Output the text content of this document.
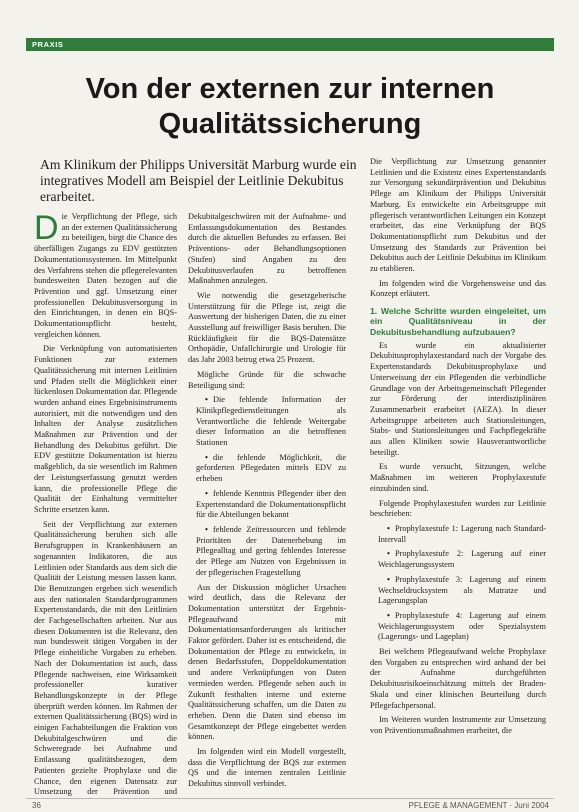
PRAXIS
Von der externen zur internen
Qualitätssicherung
Am Klinikum der Philipps Universität Marburg wurde ein integratives Modell am Beispiel der Leitlinie Dekubitus erarbeitet.

Die Verpflichtung der Pflege, sich an der externen Qualitätssicherung zu beteiligen, birgt die Chance des überfälligen Zugangs zu EDV gestützten Dokumentationssystemen. Im Mittelpunkt des Verfahrens stehen die pflegerelevanten bundesweiten Daten bezogen auf die Prävention und ggf. Umsetzung einer professionellen Dekubitusversorgung in den Einrichtungen, in denen ein BQS-Dokumentationspflicht besteht, vergleichen können.

Die Verknüpfung von automatisierten Funktionen zur externen Qualitätssicherung mit internen Leitlinien und Pfaden stellt die Möglichkeit einer lückenlosen Dokumentation dar. Pflegende wurden anhand eines Ergebnisinstruments autorisiert, mit die notwendigen und den Inhalten der Analyse zusätzlichen Maßnahmen zur Prävention und der Behandlung des Dekubitus geführt. Die EDV gestützte Dokumentation ist hierzu maßgeblich, da sie wesentlich im Rahmen der Leistungserfassung genutzt werden kann, die professionelle Pflege die Qualität der Einhaltung vermittelter Schritte ersetzen kann.

Seit der Verpflichtung zur externen Qualitätssicherung beruhen sich alle Berufsgruppen in Krankenhäusern an sogenannten Indikatoren, die aus Leitlinien oder Standards aus dem sich die Qualität der Leistung messen lassen kann. Die Benutzungen ergeben sich wesentlich aus den nationalen Standardprogrammen Expertenstandards, die mit den Leitlinien der Fachgesellschaften arbeiten. Nur aus diesen Dokumenten ist die Relevanz, den nun bundesweit tätigen Vorgaben in der Pflege einheitliche Vorgaben zu erheben. Nach der Dokumentation ist auch, dass Pflegende nachweisen, eine Wirksamkeit professioneller kurativer Behandlungskonzepte in der Pflege überprüft werden können. Im Rahmen der externen Qualitätssicherung (BQS) wird in einigen Fachabteilungen die Fraktion von Dekubitalgeschwüren und die Schweregrade bei Aufnahme und Entlassung qualitätsbezogen, dem Patienten gezielte Prophylaxe und die Chance, den eigenen Datensatz zur Umsetzung der Prävention und

Dekubitalgeschwüren mit der Aufnahme- und Entlassungsdokumentation des Bestandes durch die aktuellen Befundes zu erfassen. Bei Präventions- oder Behandlungsoptionen (Stufen) sind Angaben zu den Dekubitusverlaufen zu betroffenen Maßnahmen anzulegen.

Wie notwendig die gesetzgeberische Unterstützung für die Pflege ist, zeigt die Auswertung der bisherigen Daten, die zu einer Ausstellung auf freiwilliger Basis beruhen. Die Rückläufigkeit für die BQS-Datensätze Orthopädie, Unfallchirurgie und Urologie für das Jahr 2003 betrug etwa 25 Prozent.

Mögliche Gründe für die schwache Beteiligung sind:

• Die fehlende Information der Klinikpflegedienstleitungen als Verantwortliche die fehlende Weitergabe dieser Information an die betroffenen Stationen

• die fehlende Möglichkeit, die geforderten Pflegedaten mittels EDV zu erheben

• fehlende Kenntnis Pflegender über den Expertenstandard die Dokumentationspflicht für die Abteilungen bekannt

• fehlende Zeitressourcen und fehlende Prioritäten der Datenerhebung im Pflegealltag und gering fehlendes Interesse der Pflege am Nutzen von Ergebnissen in der pflegerischen Fragestellung

Aus der Diskussion möglicher Ursachen wird deutlich, dass die Relevanz der Dokumentation unterstützt der Ergebnis-Pflegeaufwand mit Dokumentationsanforderungen als kritischer Faktor gefördert. Daher ist es entscheidend, die Dokumentation der Pflege zu entwickeln, in denen Bedarfsstufen, Doppeldokumentation und andere Verknüpfungen von Daten vermieden werden. Pflegende sehen auch in Zukunft festhalten interne und externe Qualitätssicherung schaffen, um die Daten zu erheben. Denn die Daten sind ebenso im Gesamtkonzept der Pflege eingebettet werden können.

Im folgenden wird ein Modell vorgestellt, dass die Verpflichtung der BQS zur externen QS und die internen zentralen Leitlinie Dekubitus sinnvoll verbindet.

Die Verpflichtung zur Umsetzung genannter Leitlinien und die Existenz eines Expertenstandards zur Versorgung sekundärprävention und Dekubitus Pflege am Klinikum der Philipps Universität Marburg. Es entwickelte ein Arbeitsgruppe mit pflegerisch verantwortlichen Leitungen ein Konzept erarbeitet, das eine Verknüpfung der BQS Dokumentationspflicht zum Dekubitus und der Umsetzung des Standards zur Prävention bei Dekubitus auch der Leitlinie Dekubitus im Klinikum zu etablieren.

Im folgenden wird die Vorgehensweise und das Konzept erläutert.

1. Welche Schritte wurden eingeleitet, um ein Qualitätsniveau in der Dekubitusbehandlung aufzubauen?

Es wurde ein aktualisierter Dekubitusprophylaxestandard nach der Vorgabe des Expertenstandards Dekubitusprophylaxe und Unterweisung der ein Pflegenden die verbindliche Grundlage von der Arbeitsgemeinschaft Pflegender zur Förderung der interdisziplinären Zusammenarbeit erarbeitet (AEZA). In dieser Arbeitsgruppe arbeiteten auch Stationsleitungen, Stabs- und Stationsleitungen und Fachpflegekräfte aus allen Kliniken sowie Hausverantwortliche beteiligt.

Es wurde versucht, Sitzungen, welche Maßnahmen im weiteren Prophylaxestufe einzubinden sind.

Folgende Prophylaxestufen wurden zur Leitlinie beschrieben:

• Prophylaxestufe 1: Lagerung nach Standard-Intervall

• Prophylaxestufe 2: Lagerung auf einer Weichlagerungssystem

• Prophylaxestufe 3: Lagerung auf einem Wechseldrucksystem als Matratze und Lagerungsplan

• Prophylaxestufe 4: Lagerung auf einem Weichlagerungssystem oder Spezialsystem (Lagerungs- und Lageplan)

Bei welchem Pflegeaufwand welche Prophylaxe den Vorgaben zu entsprechen wird anhand der bei der Aufnahme durchgeführten Dekubitusrisikoeinschätzung mittels der Braden-Skala und einer klinischen Beurteilung durch Pflegefachpersonal.

Im Weiteren wurden Instrumente zur Umsetzung von Präventionsmaßnahmen erarbeitet, die

36	PFLEGE & MANAGEMENT · Juni 2004
